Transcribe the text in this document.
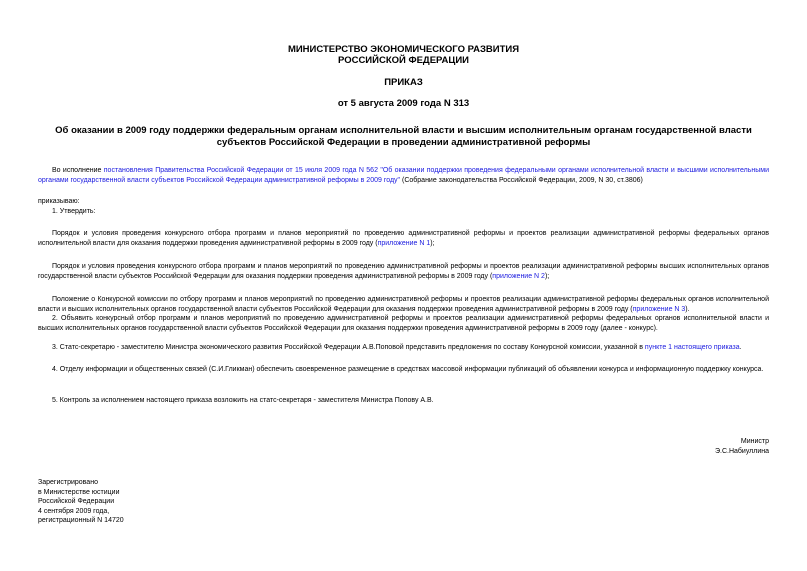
МИНИСТЕРСТВО ЭКОНОМИЧЕСКОГО РАЗВИТИЯ
РОССИЙСКОЙ ФЕДЕРАЦИИ
ПРИКАЗ
от 5 августа 2009 года N 313
Об оказании в 2009 году поддержки федеральным органам исполнительной власти и высшим исполнительным органам государственной власти субъектов Российской Федерации в проведении административной реформы
Во исполнение постановления Правительства Российской Федерации от 15 июля 2009 года N 562 "Об оказании поддержки проведения федеральными органами исполнительной власти и высшими исполнительными органами государственной власти субъектов Российской Федерации административной реформы в 2009 году" (Собрание законодательства Российской Федерации, 2009, N 30, ст.3806)
приказываю:
1. Утвердить:
Порядок и условия проведения конкурсного отбора программ и планов мероприятий по проведению административной реформы и проектов реализации административной реформы федеральных органов исполнительной власти для оказания поддержки проведения административной реформы в 2009 году (приложение N 1);
Порядок и условия проведения конкурсного отбора программ и планов мероприятий по проведению административной реформы и проектов реализации административной реформы высших исполнительных органов государственной власти субъектов Российской Федерации для оказания поддержки проведения административной реформы в 2009 году (приложение N 2);
Положение о Конкурсной комиссии по отбору программ и планов мероприятий по проведению административной реформы и проектов реализации административной реформы федеральных органов исполнительной власти и высших исполнительных органов государственной власти субъектов Российской Федерации для оказания поддержки проведения административной реформы в 2009 году (приложение N 3).
2. Объявить конкурсный отбор программ и планов мероприятий по проведению административной реформы и проектов реализации административной реформы федеральных органов исполнительной власти и высших исполнительных органов государственной власти субъектов Российской Федерации для оказания поддержки проведения административной реформы в 2009 году (далее - конкурс).
3. Статс-секретарю - заместителю Министра экономического развития Российской Федерации А.В.Поповой представить предложения по составу Конкурсной комиссии, указанной в пункте 1 настоящего приказа.
4. Отделу информации и общественных связей (С.И.Гликман) обеспечить своевременное размещение в средствах массовой информации публикаций об объявлении конкурса и информационную поддержку конкурса.
5. Контроль за исполнением настоящего приказа возложить на статс-секретаря - заместителя Министра Попову А.В.
Министр
Э.С.Набиуллина
Зарегистрировано
в Министерстве юстиции
Российской Федерации
4 сентября 2009 года,
регистрационный N 14720
